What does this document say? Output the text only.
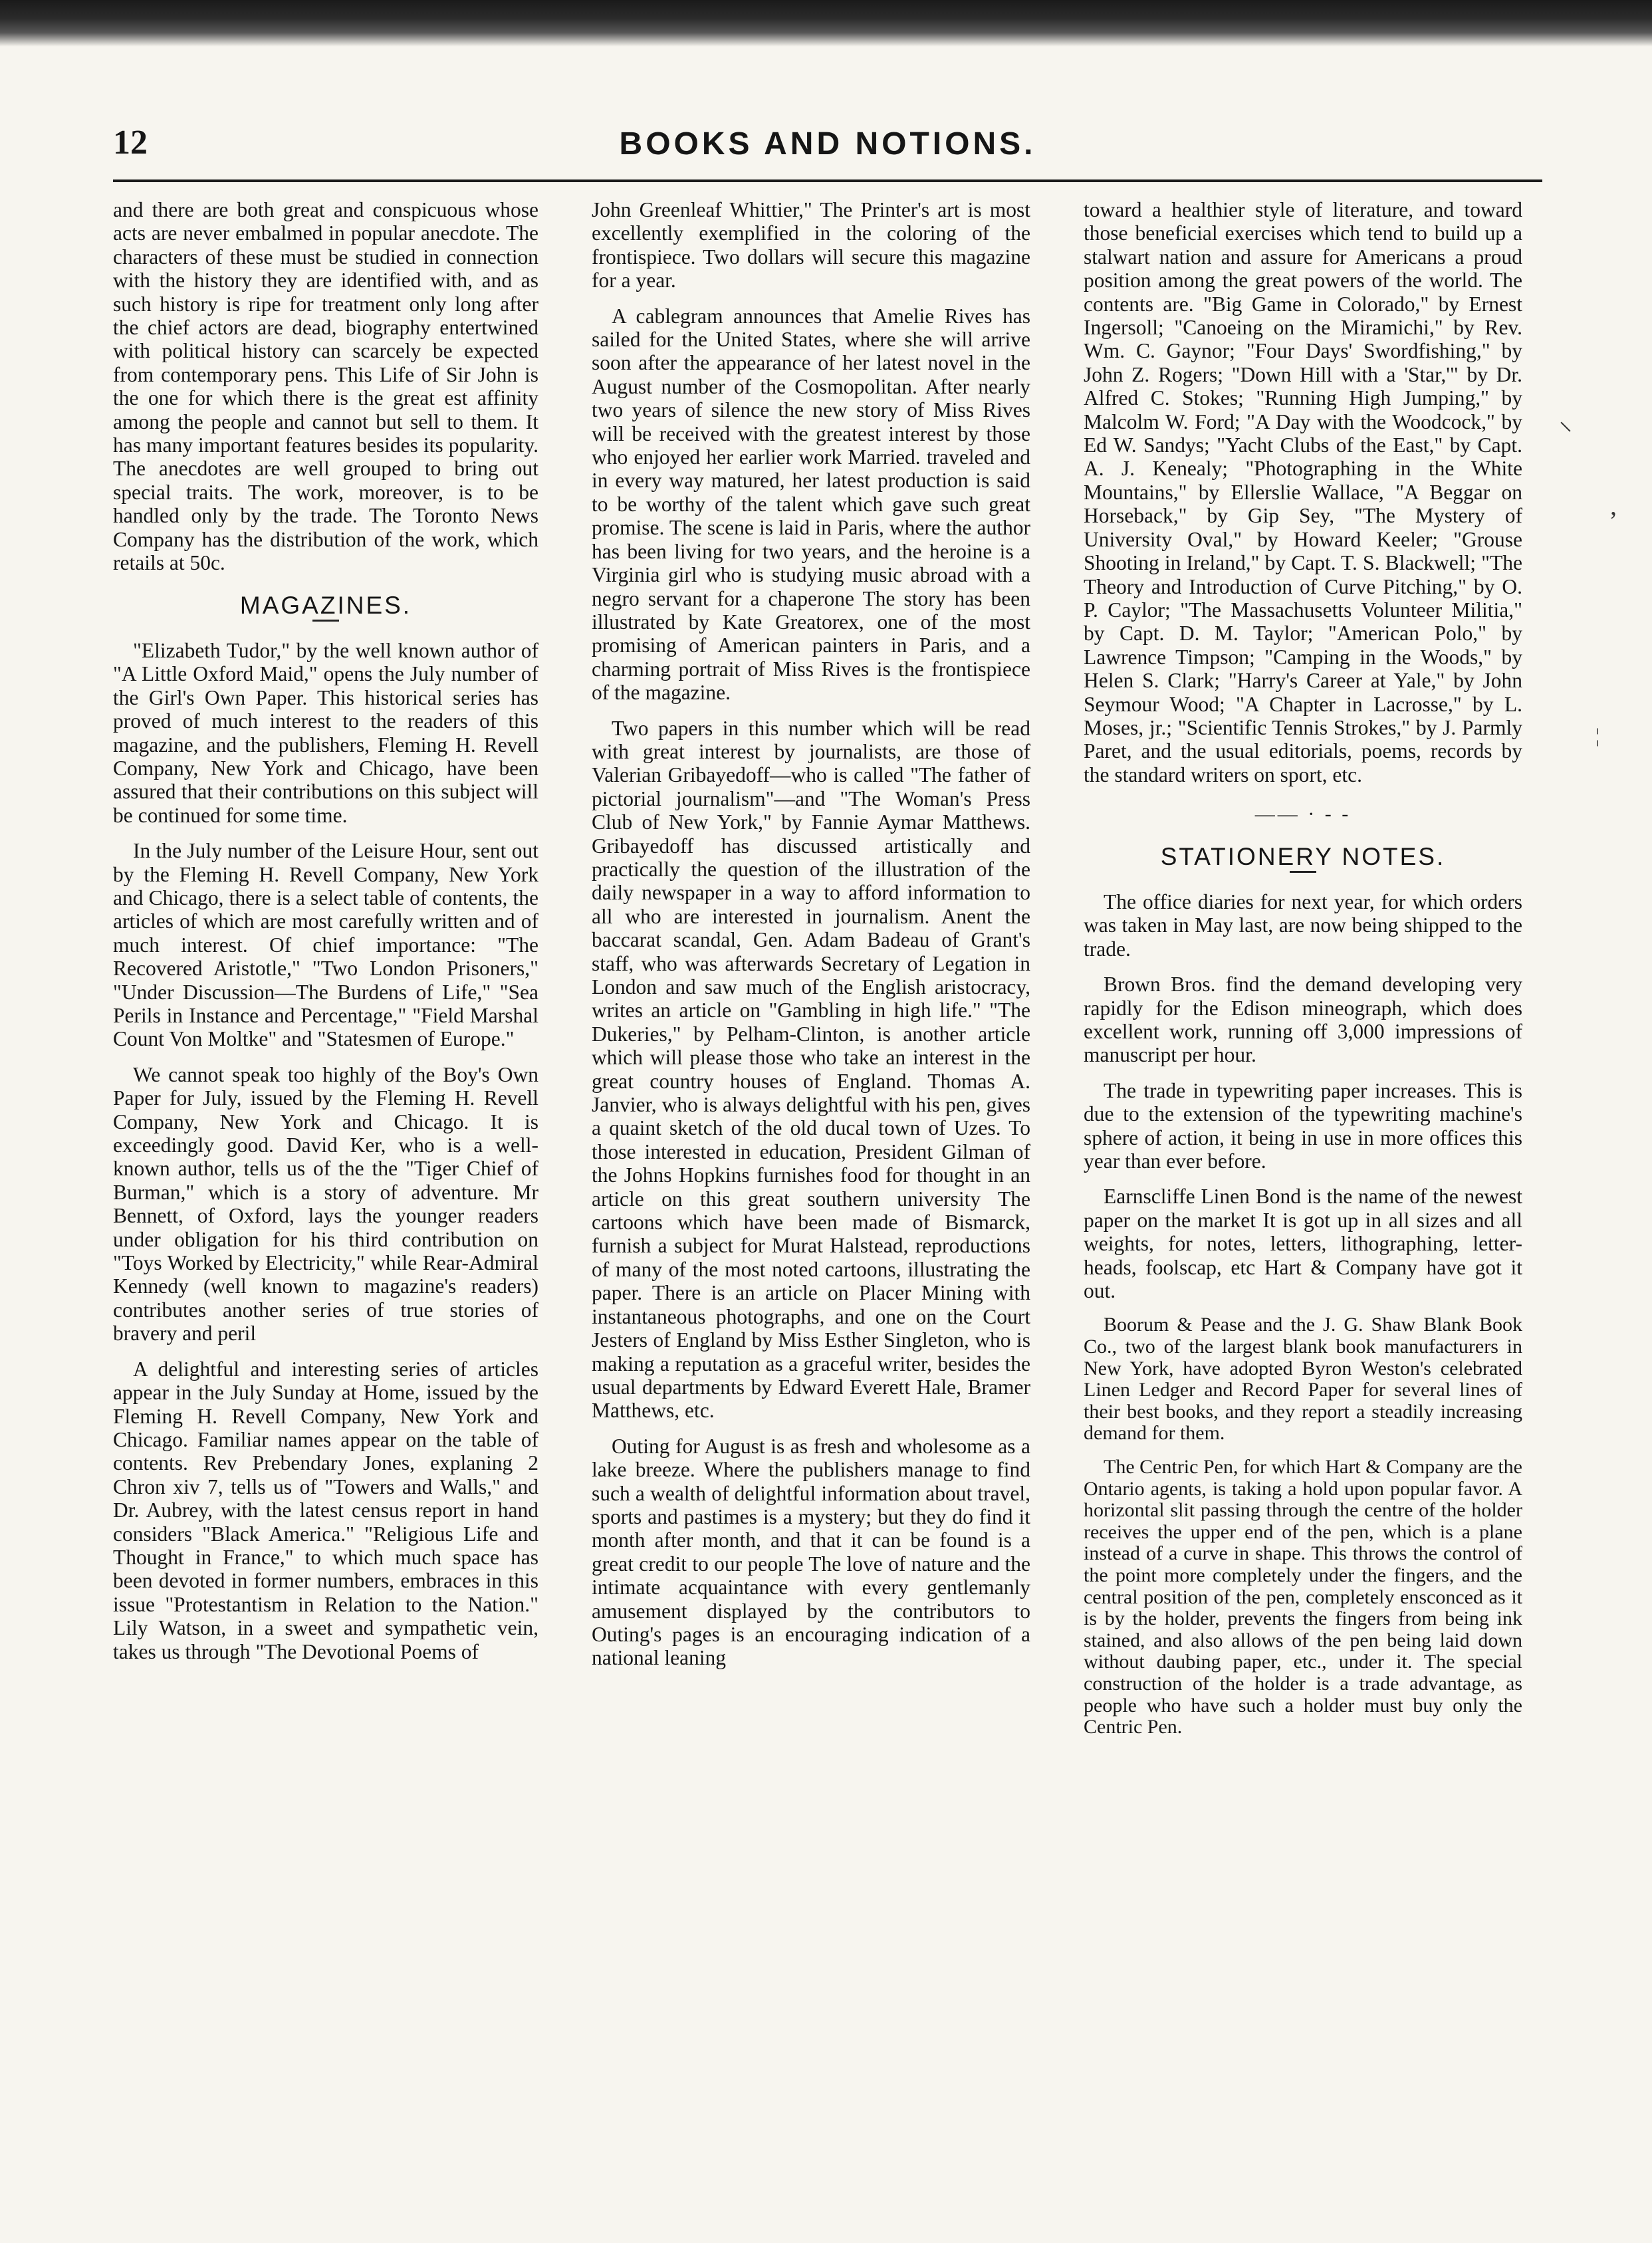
12	BOOKS AND NOTIONS.

and there are both great and conspicuous whose acts are never embalmed in popular anecdote. The characters of these must be studied in connection with the history they are identified with, and as such history is ripe for treatment only long after the chief actors are dead, biography entertwined with political history can scarcely be expected from contemporary pens. This Life of Sir John is the one for which there is the great est affinity among the people and cannot but sell to them. It has many important features besides its popularity. The anecdotes are well grouped to bring out special traits. The work, moreover, is to be handled only by the trade. The Toronto News Company has the distribution of the work, which retails at 50c.

MAGAZINES.

"Elizabeth Tudor," by the well known author of "A Little Oxford Maid," opens the July number of the Girl's Own Paper. This historical series has proved of much interest to the readers of this magazine, and the publishers, Fleming H. Revell Company, New York and Chicago, have been assured that their contributions on this subject will be continued for some time.

In the July number of the Leisure Hour, sent out by the Fleming H. Revell Company, New York and Chicago, there is a select table of contents, the articles of which are most carefully written and of much interest. Of chief importance: "The Recovered Aristotle," "Two London Prisoners," "Under Discussion—The Burdens of Life," "Sea Perils in Instance and Percentage," "Field Marshal Count Von Moltke" and "Statesmen of Europe."

We cannot speak too highly of the Boy's Own Paper for July, issued by the Fleming H. Revell Company, New York and Chicago. It is exceedingly good. David Ker, who is a well-known author, tells us of the the "Tiger Chief of Burman," which is a story of adventure. Mr Bennett, of Oxford, lays the younger readers under obligation for his third contribution on "Toys Worked by Electricity," while Rear-Admiral Kennedy (well known to magazine's readers) contributes another series of true stories of bravery and peril

A delightful and interesting series of articles appear in the July Sunday at Home, issued by the Fleming H. Revell Company, New York and Chicago. Familiar names appear on the table of contents. Rev Prebendary Jones, explaning 2 Chron xiv 7, tells us of "Towers and Walls," and Dr. Aubrey, with the latest census report in hand considers "Black America." "Religious Life and Thought in France," to which much space has been devoted in former numbers, embraces in this issue "Protestantism in Relation to the Nation." Lily Watson, in a sweet and sympathetic vein, takes us through "The Devotional Poems of

John Greenleaf Whittier," The Printer's art is most excellently exemplified in the coloring of the frontispiece. Two dollars will secure this magazine for a year.

A cablegram announces that Amelie Rives has sailed for the United States, where she will arrive soon after the appearance of her latest novel in the August number of the Cosmopolitan. After nearly two years of silence the new story of Miss Rives will be received with the greatest interest by those who enjoyed her earlier work Married. traveled and in every way matured, her latest production is said to be worthy of the talent which gave such great promise. The scene is laid in Paris, where the author has been living for two years, and the heroine is a Virginia girl who is studying music abroad with a negro servant for a chaperone The story has been illustrated by Kate Greatorex, one of the most promising of American painters in Paris, and a charming portrait of Miss Rives is the frontispiece of the magazine.

Two papers in this number which will be read with great interest by journalists, are those of Valerian Gribayedoff—who is called "The father of pictorial journalism"—and "The Woman's Press Club of New York," by Fannie Aymar Matthews. Gribayedoff has discussed artistically and practically the question of the illustration of the daily newspaper in a way to afford information to all who are interested in journalism. Anent the baccarat scandal, Gen. Adam Badeau of Grant's staff, who was afterwards Secretary of Legation in London and saw much of the English aristocracy, writes an article on "Gambling in high life." "The Dukeries," by Pelham-Clinton, is another article which will please those who take an interest in the great country houses of England. Thomas A. Janvier, who is always delightful with his pen, gives a quaint sketch of the old ducal town of Uzes. To those interested in education, President Gilman of the Johns Hopkins furnishes food for thought in an article on this great southern university The cartoons which have been made of Bismarck, furnish a subject for Murat Halstead, reproductions of many of the most noted cartoons, illustrating the paper. There is an article on Placer Mining with instantaneous photographs, and one on the Court Jesters of England by Miss Esther Singleton, who is making a reputation as a graceful writer, besides the usual departments by Edward Everett Hale, Bramer Matthews, etc.

Outing for August is as fresh and wholesome as a lake breeze. Where the publishers manage to find such a wealth of delightful information about travel, sports and pastimes is a mystery; but they do find it month after month, and that it can be found is a great credit to our people The love of nature and the intimate acquaintance with every gentlemanly amusement displayed by the contributors to Outing's pages is an encouraging indication of a national leaning

toward a healthier style of literature, and toward those beneficial exercises which tend to build up a stalwart nation and assure for Americans a proud position among the great powers of the world. The contents are. "Big Game in Colorado," by Ernest Ingersoll; "Canoeing on the Miramichi," by Rev. Wm. C. Gaynor; "Four Days' Swordfishing," by John Z. Rogers; "Down Hill with a 'Star,'" by Dr. Alfred C. Stokes; "Running High Jumping," by Malcolm W. Ford; "A Day with the Woodcock," by Ed W. Sandys; "Yacht Clubs of the East," by Capt. A. J. Kenealy; "Photographing in the White Mountains," by Ellerslie Wallace, "A Beggar on Horseback," by Gip Sey, "The Mystery of University Oval," by Howard Keeler; "Grouse Shooting in Ireland," by Capt. T. S. Blackwell; "The Theory and Introduction of Curve Pitching," by O. P. Caylor; "The Massachusetts Volunteer Militia," by Capt. D. M. Taylor; "American Polo," by Lawrence Timpson; "Camping in the Woods," by Helen S. Clark; "Harry's Career at Yale," by John Seymour Wood; "A Chapter in Lacrosse," by L. Moses, jr.; "Scientific Tennis Strokes," by J. Parmly Paret, and the usual editorials, poems, records by the standard writers on sport, etc.

—— · - -
STATIONERY NOTES.

The office diaries for next year, for which orders was taken in May last, are now being shipped to the trade.

Brown Bros. find the demand developing very rapidly for the Edison mineograph, which does excellent work, running off 3,000 impressions of manuscript per hour.

The trade in typewriting paper increases. This is due to the extension of the typewriting machine's sphere of action, it being in use in more offices this year than ever before.

Earnscliffe Linen Bond is the name of the newest paper on the market It is got up in all sizes and all weights, for notes, letters, lithographing, letter-heads, foolscap, etc Hart & Company have got it out.

Boorum & Pease and the J. G. Shaw Blank Book Co., two of the largest blank book manufacturers in New York, have adopted Byron Weston's celebrated Linen Ledger and Record Paper for several lines of their best books, and they report a steadily increasing demand for them.

The Centric Pen, for which Hart & Company are the Ontario agents, is taking a hold upon popular favor. A horizontal slit passing through the centre of the holder receives the upper end of the pen, which is a plane instead of a curve in shape. This throws the control of the point more completely under the fingers, and the central position of the pen, completely ensconced as it is by the holder, prevents the fingers from being ink stained, and also allows of the pen being laid down without daubing paper, etc., under it. The special construction of the holder is a trade advantage, as people who have such a holder must buy only the Centric Pen.

⸌
ʼ
¦
